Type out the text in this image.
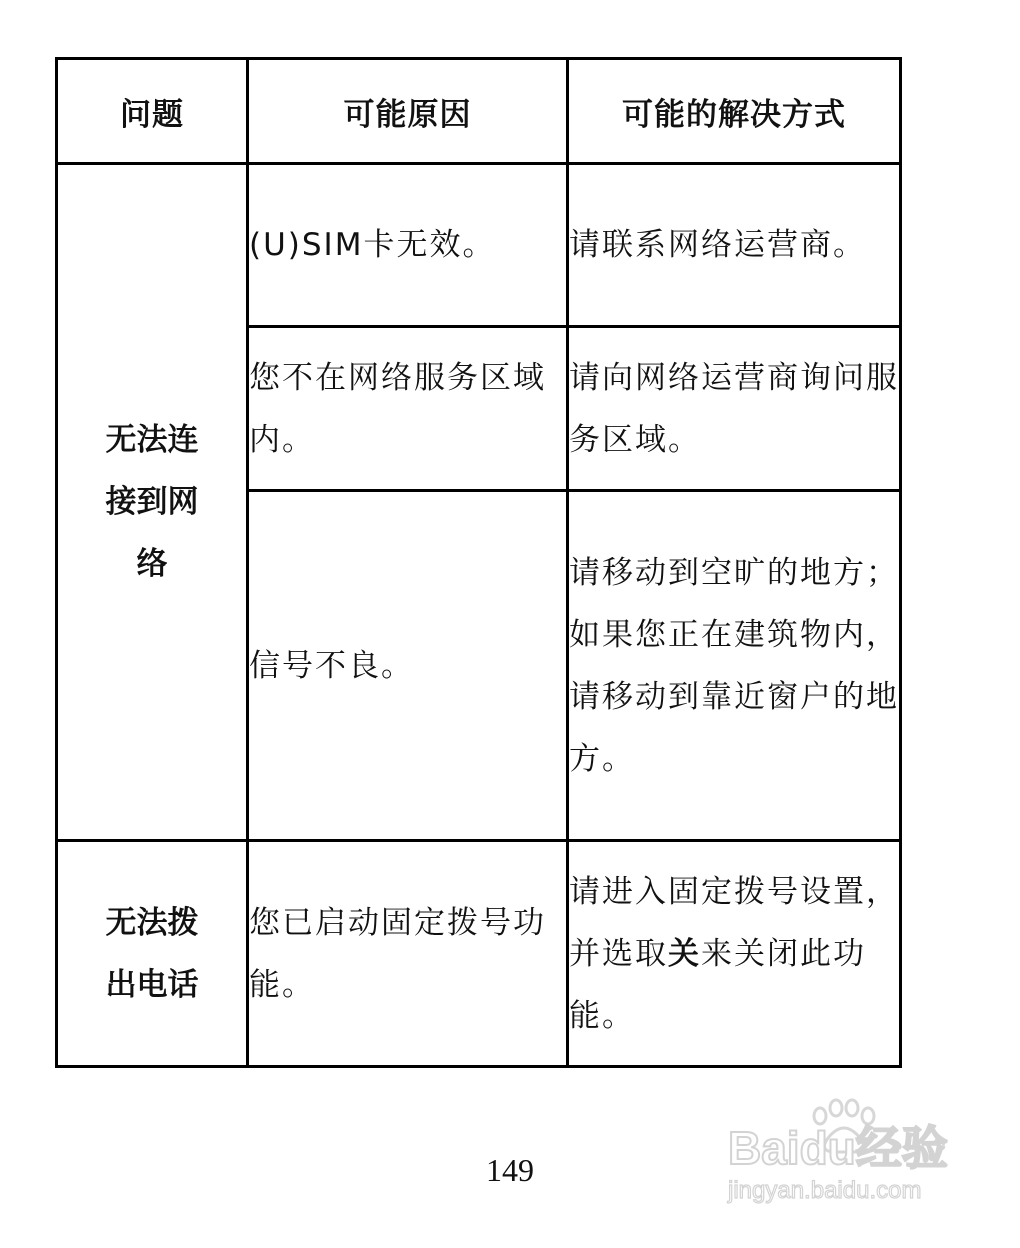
问题	可能原因	可能的解决方式
无法连接到网络	(U)SIM卡无效。	请联系网络运营商。
	您不在网络服务区域内。	请向网络运营商询问服务区域。
	信号不良。	请移动到空旷的地方；如果您正在建筑物内，请移动到靠近窗户的地方。
无法拨出电话	您已启动固定拨号功能。	请进入固定拨号设置，并选取关来关闭此功能。
149	Baidu经验
jingyan.baidu.com
